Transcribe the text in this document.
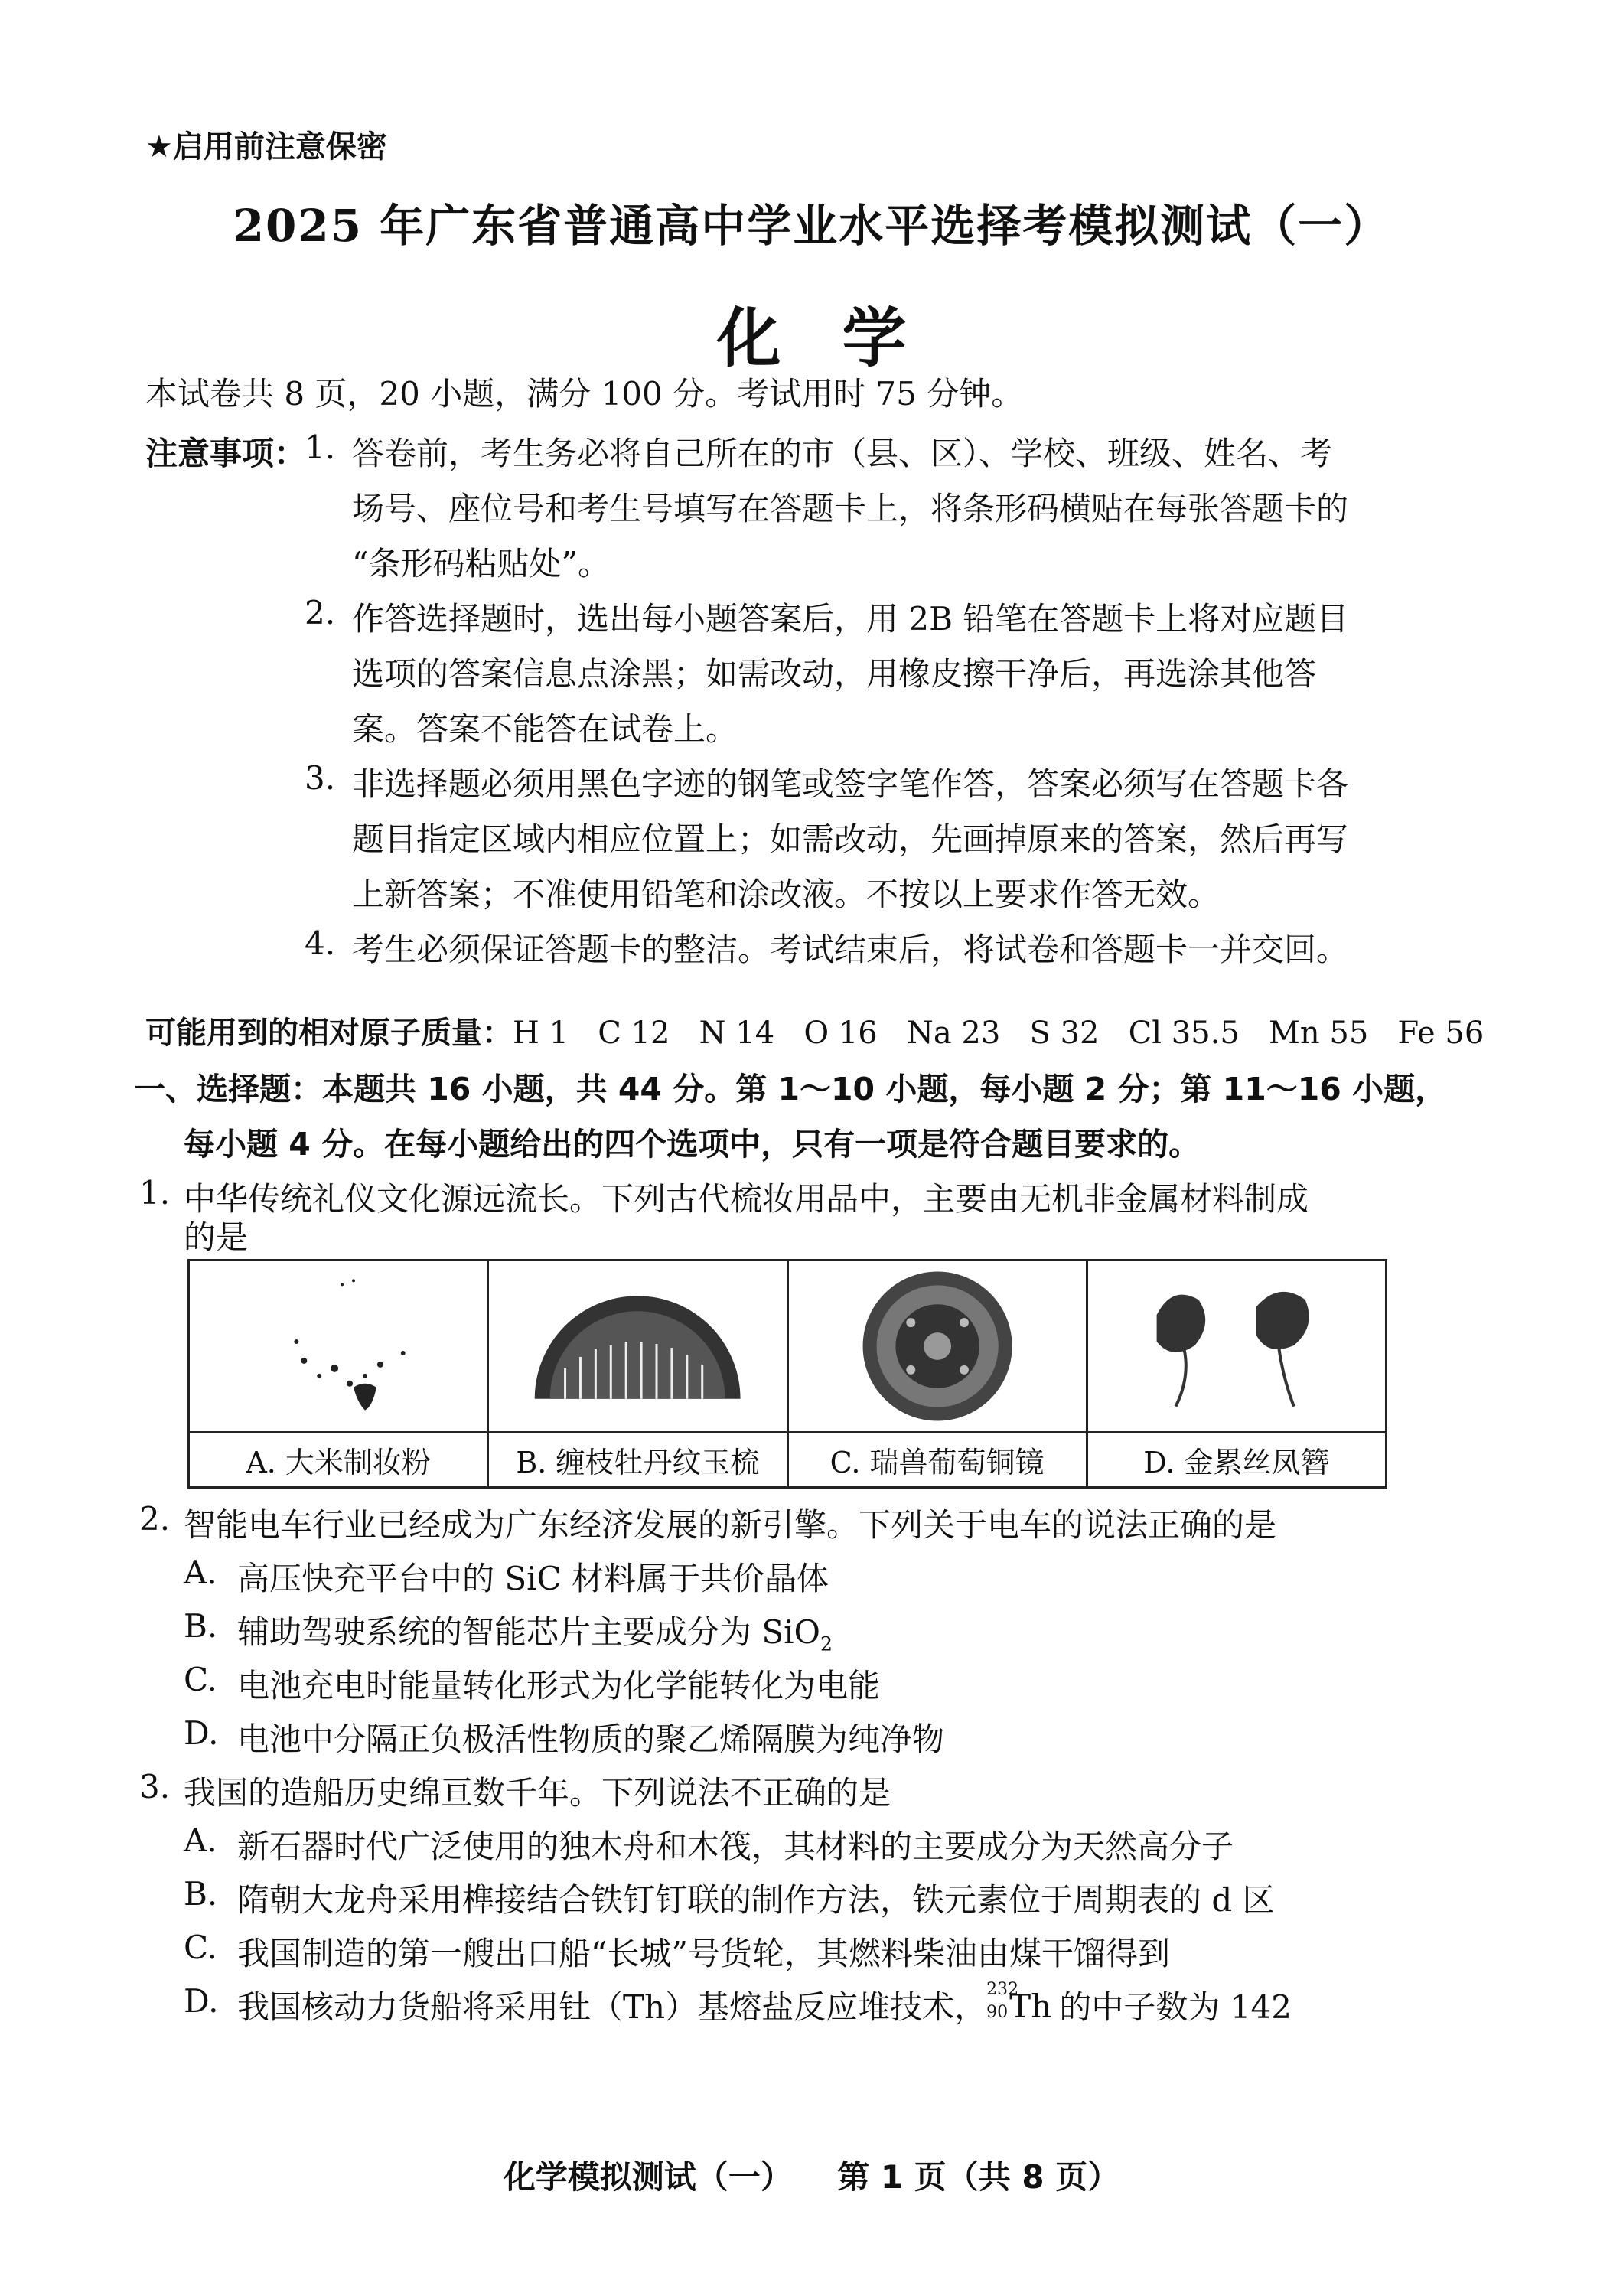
★启用前注意保密
2025 年广东省普通高中学业水平选择考模拟测试（一）
化学
本试卷共 8 页，20 小题，满分 100 分。考试用时 75 分钟。
注意事项：
1. 答卷前，考生务必将自己所在的市（县、区）、学校、班级、姓名、考
场号、座位号和考生号填写在答题卡上，将条形码横贴在每张答题卡的
“条形码粘贴处”。
2. 作答选择题时，选出每小题答案后，用 2B 铅笔在答题卡上将对应题目
选项的答案信息点涂黑；如需改动，用橡皮擦干净后，再选涂其他答
案。答案不能答在试卷上。
3. 非选择题必须用黑色字迹的钢笔或签字笔作答，答案必须写在答题卡各
题目指定区域内相应位置上；如需改动，先画掉原来的答案，然后再写
上新答案；不准使用铅笔和涂改液。不按以上要求作答无效。
4. 考生必须保证答题卡的整洁。考试结束后，将试卷和答题卡一并交回。
可能用到的相对原子质量：H 1   C 12   N 14   O 16   Na 23   S 32   Cl 35.5   Mn 55   Fe 56
一、选择题：本题共 16 小题，共 44 分。第 1～10 小题，每小题 2 分；第 11～16 小题，
每小题 4 分。在每小题给出的四个选项中，只有一项是符合题目要求的。
1. 中华传统礼仪文化源远流长。下列古代梳妆用品中，主要由无机非金属材料制成
的是
A. 大米制妆粉	B. 缠枝牡丹纹玉梳	C. 瑞兽葡萄铜镜	D. 金累丝凤簪
2. 智能电车行业已经成为广东经济发展的新引擎。下列关于电车的说法正确的是
A. 高压快充平台中的 SiC 材料属于共价晶体
B. 辅助驾驶系统的智能芯片主要成分为 SiO$_2$
C. 电池充电时能量转化形式为化学能转化为电能
D. 电池中分隔正负极活性物质的聚乙烯隔膜为纯净物
3. 我国的造船历史绵亘数千年。下列说法不正确的是
A. 新石器时代广泛使用的独木舟和木筏，其材料的主要成分为天然高分子
B. 隋朝大龙舟采用榫接结合铁钉钉联的制作方法，铁元素位于周期表的 d 区
C. 我国制造的第一艘出口船“长城”号货轮，其燃料柴油由煤干馏得到
D. 我国核动力货船将采用钍（Th）基熔盐反应堆技术， 232
90 Th
的中子数为 142
化学模拟测试（一）    第 1 页（共 8 页）
